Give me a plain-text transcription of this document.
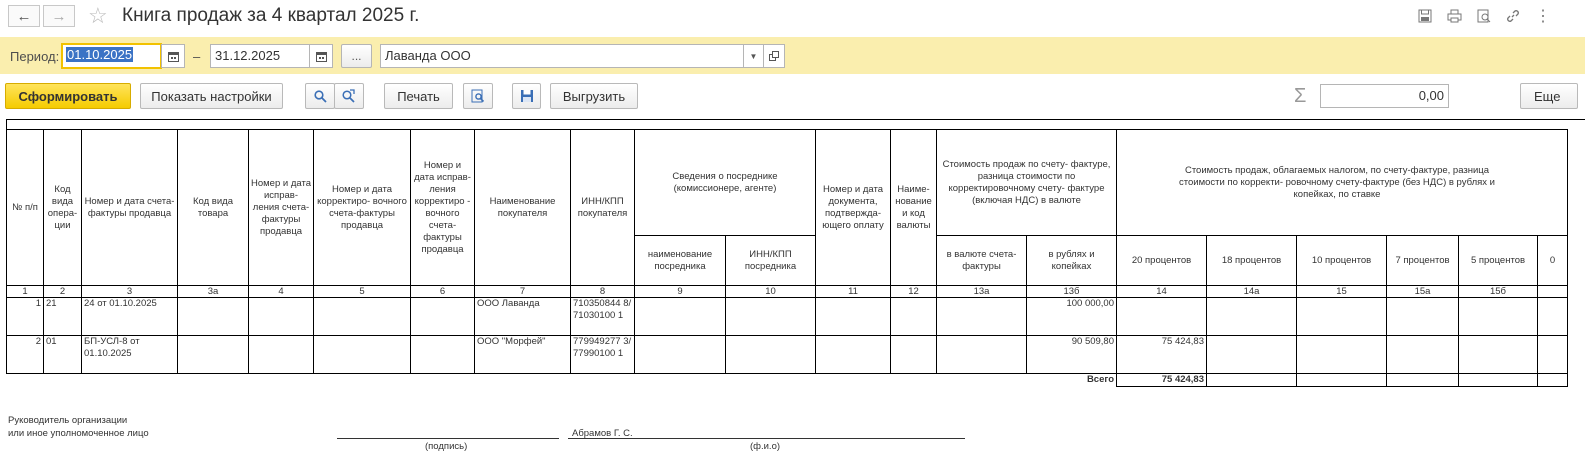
← → ☆ Книга продаж за 4 квартал 2025 г.	⋮
Период: 01.10.2025	–	31.12.2025	...	Лаванда ООО	▼
Сформировать	Показать настройки	Печать	Выгрузить	Σ	0,00	Еще
№ п/п	Код вида опера- ции	Номер и дата счета-фактуры продавца	Код вида товара	Номер и дата исправ- ления счета- фактуры продавца	Номер и дата корректиро- вочного счета-фактуры продавца	Номер и дата исправ- ления корректиро - вочного счета- фактуры продавца	Наименование покупателя	ИНН/КПП покупателя	Сведения о посреднике (комиссионере, агенте)		Номер и дата документа, подтвержда- ющего оплату	Наиме- нование и код валюты	Стоимость продаж по счету- фактуре, разница стоимости по корректировочному счету- фактуре (включая НДС) в валюте		Стоимость продаж, облагаемых налогом, по счету-фактуре, разница стоимости по корректи- ровочному счету-фактуре (без НДС) в рублях и копейках, по ставке					
									наименование посредника	ИНН/КПП посредника			в валюте счета-фактуры	в рублях и копейках	20 процентов	18 процентов	10 процентов	7 процентов	5 процентов	0
1	2	3	3а	4	5	6	7	8	9	10	11	12	13а	13б	14	14а	15	15а	15б	
1	21	24 от 01.10.2025					ООО Лаванда	710350844 8/71030100 1						100 000,00						
2	01	БП-УСЛ-8 от 01.10.2025					ООО "Морфей"	779949277 3/77990100 1						90 509,80	75 424,83					
Всего															75 424,83					
Руководитель организации
или иное уполномоченное лицо	Абрамов Г. С.
(подпись)	(ф.и.о)
